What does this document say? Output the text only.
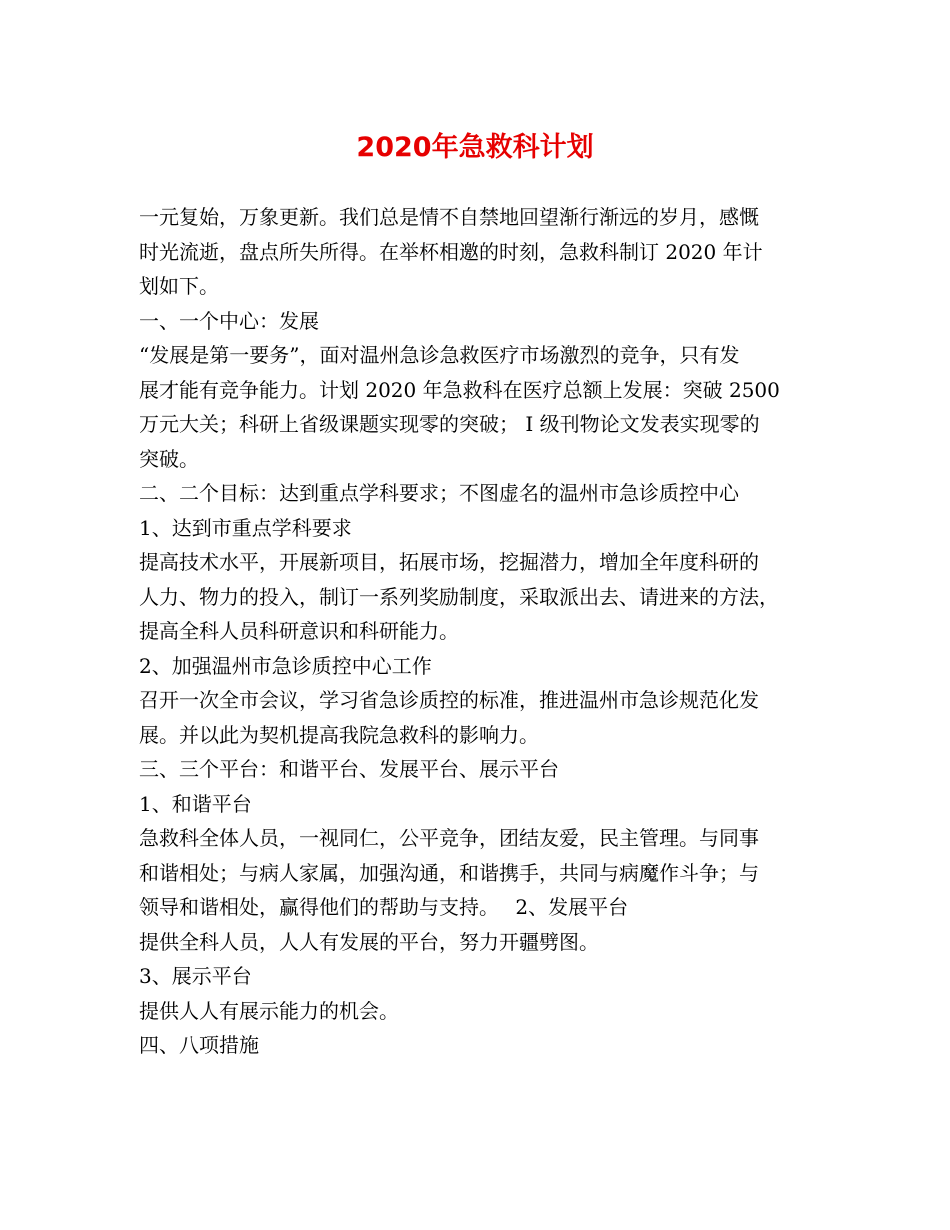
2020年急救科计划

一元复始，万象更新。我们总是情不自禁地回望渐行渐远的岁月，感慨

时光流逝，盘点所失所得。在举杯相邀的时刻，急救科制订 2020 年计

划如下。

一、一个中心：发展

“发展是第一要务”，面对温州急诊急救医疗市场激烈的竞争，只有发

展才能有竞争能力。计划 2020 年急救科在医疗总额上发展：突破 2500

万元大关；科研上省级课题实现零的突破； I 级刊物论文发表实现零的

突破。

二、二个目标：达到重点学科要求；不图虚名的温州市急诊质控中心

1、达到市重点学科要求

提高技术水平，开展新项目，拓展市场，挖掘潜力，增加全年度科研的

人力、物力的投入，制订一系列奖励制度，采取派出去、请进来的方法，

提高全科人员科研意识和科研能力。

2、加强温州市急诊质控中心工作

召开一次全市会议，学习省急诊质控的标准，推进温州市急诊规范化发

展。并以此为契机提高我院急救科的影响力。

三、三个平台：和谐平台、发展平台、展示平台

1、和谐平台

急救科全体人员，一视同仁，公平竞争，团结友爱，民主管理。与同事

和谐相处；与病人家属，加强沟通，和谐携手，共同与病魔作斗争；与

领导和谐相处，赢得他们的帮助与支持。　 2、发展平台

提供全科人员，人人有发展的平台，努力开疆劈图。

3、展示平台

提供人人有展示能力的机会。

四、八项措施
